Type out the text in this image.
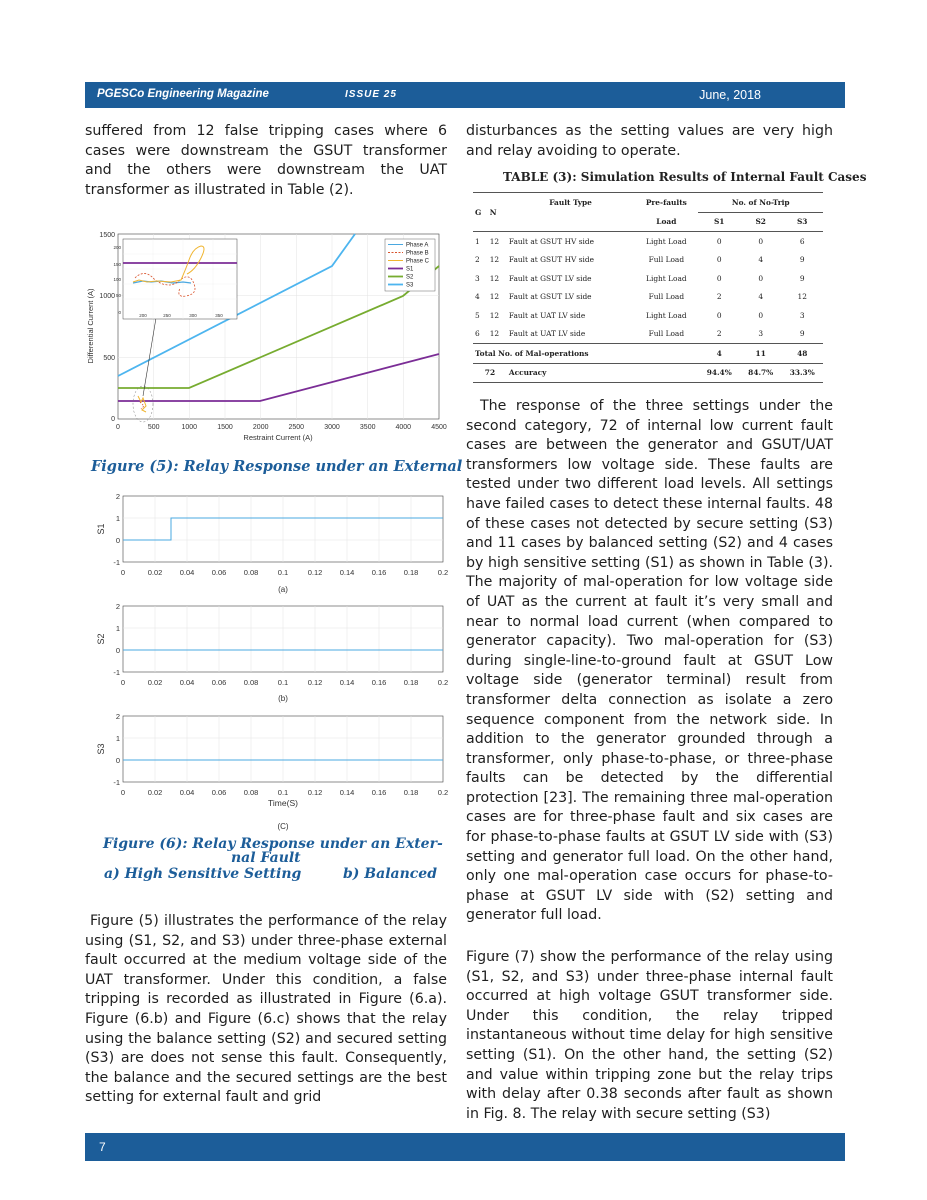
PGESCo Engineering Magazine	ISSUE 25	June, 2018

suffered from 12 false tripping cases where 6 cases were downstream the GSUT transformer and the others were downstream the UAT transformer as illustrated in Table (2).

200
150
100
50
0
200	250	300	350
Phase A
Phase B
Phase C
S1
S2
S3
0	500	1000	1500	2000	2500	3000	3500	4000	4500
0
500
1000
1500
Restraint Current (A)
Differential Current (A)
Figure (5): Relay Response under an External
2
1
0
-1
S1
0	0.02 0.04 0.06 0.08	0.1	0.12 0.14 0.16 0.18	0.2
(a)
2
1
0
-1
S2
0	0.02 0.04 0.06 0.08	0.1	0.12 0.14 0.16 0.18	0.2
(b)
2
1
0
-1
S3
0	0.02 0.04 0.06 0.08	0.1	0.12 0.14 0.16 0.18	0.2
Time(S)
(C)
Figure (6): Relay Response under an Exter-
nal Fault
a) High Sensitive Setting	b) Balanced

Figure (5) illustrates the performance of the relay using (S1, S2, and S3) under three-phase external fault occurred at the medium voltage side of the UAT transformer. Under this condition, a false tripping is recorded as illustrated in Figure (6.a). Figure (6.b) and Figure (6.c) shows that the relay using the balance setting (S2) and secured setting (S3) are does not sense this fault. Consequently, the balance and the secured settings are the best setting for external fault and grid

disturbances as the setting values are very high and relay avoiding to operate.

TABLE (3): Simulation Results of Internal Fault Cases
G	N	Fault Type	Pre-faults	No. of No-Trip		
			Load	S1	S2	S3
1	12	Fault at GSUT HV side	Light Load	0	0	6
2	12	Fault at GSUT HV side	Full Load	0	4	9
3	12	Fault at GSUT LV side	Light Load	0	0	9
4	12	Fault at GSUT LV side	Full Load	2	4	12
5	12	Fault at UAT LV side	Light Load	0	0	3
6	12	Fault at UAT LV side	Full Load	2	3	9
Total No. of Mal-operations				4	11	48
72		Accuracy		94.4%	84.7%	33.3%

The response of the three settings under the second category, 72 of internal low current fault cases are between the generator and GSUT/UAT transformers low voltage side. These faults are tested under two different load levels. All settings have failed cases to detect these internal faults. 48 of these cases not detected by secure setting (S3) and 11 cases by balanced setting (S2) and 4 cases by high sensitive setting (S1) as shown in Table (3). The majority of mal-operation for low voltage side of UAT as the current at fault it’s very small and near to normal load current (when compared to generator capacity). Two mal-operation for (S3) during single-line-to-ground fault at GSUT Low voltage side (generator terminal) result from transformer delta connection as isolate a zero sequence component from the network side. In addition to the generator grounded through a transformer, only phase-to-phase, or three-phase faults can be detected by the differential protection [23]. The remaining three mal-operation cases are for three-phase fault and six cases are for phase-to-phase faults at GSUT LV side with (S3) setting and generator full load. On the other hand, only one mal-operation case occurs for phase-to-phase at GSUT LV side with (S2) setting and generator full load.

Figure (7) show the performance of the relay using (S1, S2, and S3) under three-phase internal fault occurred at high voltage GSUT transformer side. Under this condition, the relay tripped instantaneous without time delay for high sensitive setting (S1). On the other hand, the setting (S2) and value within tripping zone but the relay trips with delay after 0.38 seconds after fault as shown in Fig. 8. The relay with secure setting (S3)

7
